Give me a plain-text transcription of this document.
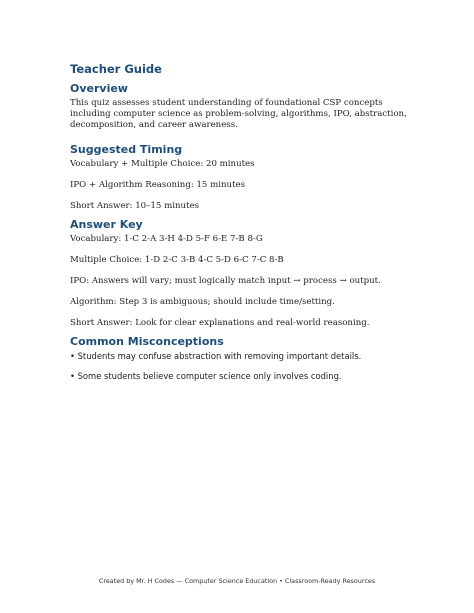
Teacher Guide
Overview

This quiz assesses student understanding of foundational CSP concepts

including computer science as problem-solving, algorithms, IPO, abstraction,

decomposition, and career awareness.

Suggested Timing

Vocabulary + Multiple Choice: 20 minutes

IPO + Algorithm Reasoning: 15 minutes

Short Answer: 10–15 minutes

Answer Key

Vocabulary: 1-C 2-A 3-H 4-D 5-F 6-E 7-B 8-G

Multiple Choice: 1-D 2-C 3-B 4-C 5-D 6-C 7-C 8-B

IPO: Answers will vary; must logically match input → process → output.

Algorithm: Step 3 is ambiguous; should include time/setting.

Short Answer: Look for clear explanations and real-world reasoning.

Common Misconceptions

• Students may confuse abstraction with removing important details.

• Some students believe computer science only involves coding.

Created by Mr. H Codes — Computer Science Education • Classroom-Ready Resources
